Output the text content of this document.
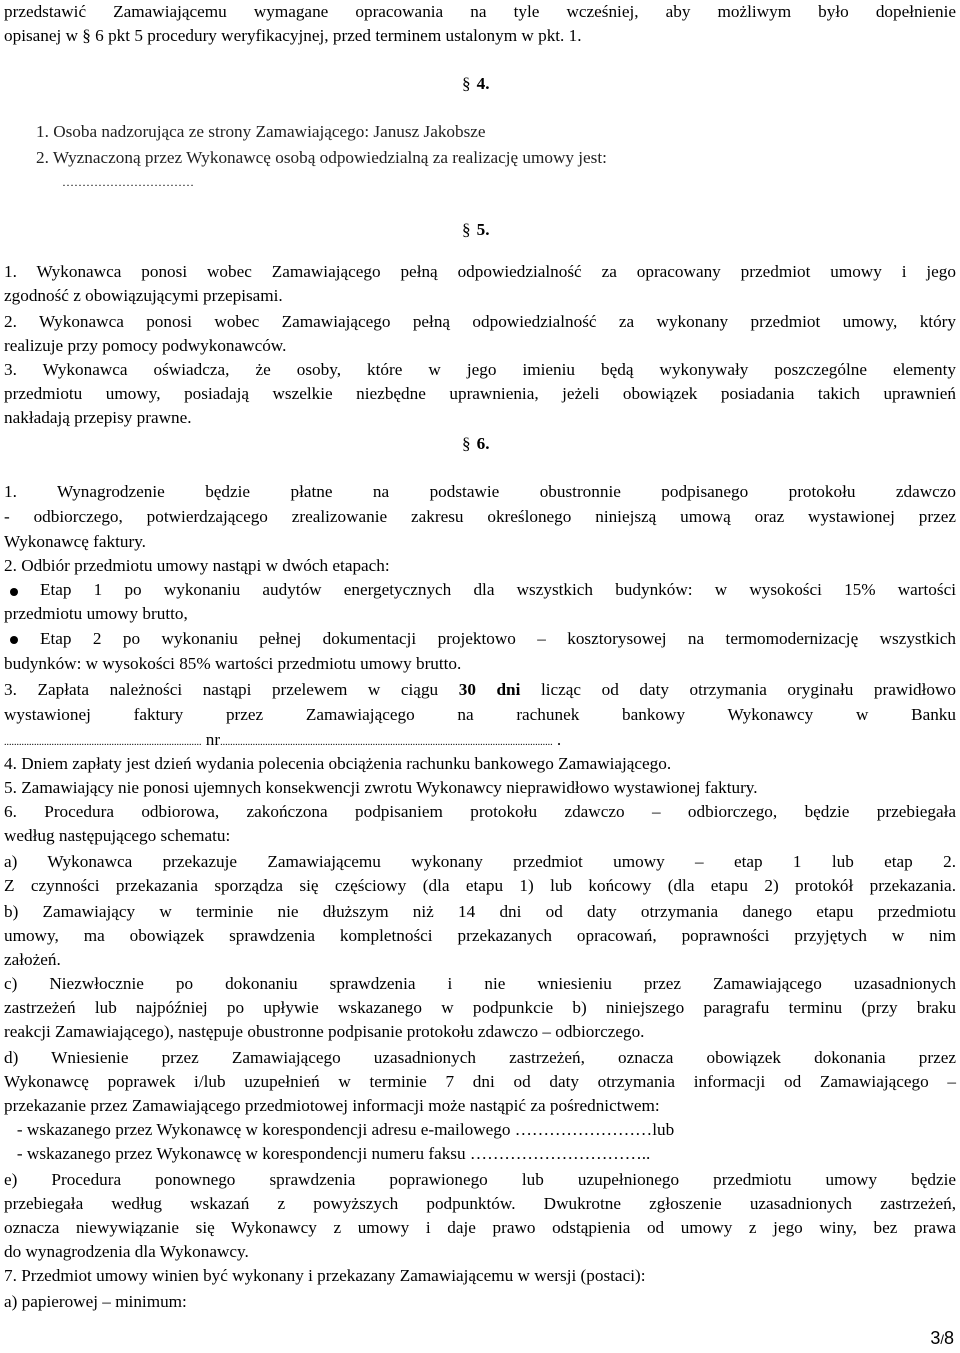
przedstawić Zamawiającemu wymagane opracowania na tyle wcześniej, aby możliwym było dopełnienie
opisanej w § 6 pkt 5 procedury weryfikacyjnej, przed terminem ustalonym w pkt. 1.
§ 4.
1. Osoba nadzorująca ze strony Zamawiającego: Janusz Jakobsze
2. Wyznaczoną przez Wykonawcę osobą odpowiedzialną za realizację umowy jest:
……………………………
§ 5.
1. Wykonawca ponosi wobec Zamawiającego pełną odpowiedzialność za opracowany przedmiot umowy i jego
zgodność z obowiązującymi przepisami.
2. Wykonawca ponosi wobec Zamawiającego pełną odpowiedzialność za wykonany przedmiot umowy, który
realizuje przy pomocy podwykonawców.
3. Wykonawca oświadcza, że osoby, które w jego imieniu będą wykonywały poszczególne elementy
przedmiotu umowy, posiadają wszelkie niezbędne uprawnienia, jeżeli obowiązek posiadania takich uprawnień
nakładają przepisy prawne.
§ 6.
1. Wynagrodzenie będzie płatne na podstawie obustronnie podpisanego protokołu zdawczo
- odbiorczego, potwierdzającego zrealizowanie zakresu określonego niniejszą umową oraz wystawionej przez
Wykonawcę faktury.
2. Odbiór przedmiotu umowy nastąpi w dwóch etapach:
Etap 1 po wykonaniu audytów energetycznych dla wszystkich budynków: w wysokości 15% wartości
przedmiotu umowy brutto,
Etap 2 po wykonaniu pełnej dokumentacji projektowo – kosztorysowej na termomodernizację wszystkich
budynków: w wysokości 85% wartości przedmiotu umowy brutto.
3. Zapłata należności nastąpi przelewem w ciągu 30 dni licząc od daty otrzymania oryginału prawidłowo
wystawionej faktury przez Zamawiającego na rachunek bankowy Wykonawcy w Banku
............................................................................... nr..................................................................................................................................... .
4. Dniem zapłaty jest dzień wydania polecenia obciążenia rachunku bankowego Zamawiającego.
5. Zamawiający nie ponosi ujemnych konsekwencji zwrotu Wykonawcy nieprawidłowo wystawionej faktury.
6. Procedura odbiorowa, zakończona podpisaniem protokołu zdawczo – odbiorczego, będzie przebiegała
według następującego schematu:
a) Wykonawca przekazuje Zamawiającemu wykonany przedmiot umowy – etap 1 lub etap 2.
Z czynności przekazania sporządza się częściowy (dla etapu 1) lub końcowy (dla etapu 2) protokół przekazania.
b) Zamawiający w terminie nie dłuższym niż 14 dni od daty otrzymania danego etapu przedmiotu
umowy, ma obowiązek sprawdzenia kompletności przekazanych opracowań, poprawności przyjętych w nim
założeń.
c) Niezwłocznie po dokonaniu sprawdzenia i nie wniesieniu przez Zamawiającego uzasadnionych
zastrzeżeń lub najpóźniej po upływie wskazanego w podpunkcie b) niniejszego paragrafu terminu (przy braku
reakcji Zamawiającego), następuje obustronne podpisanie protokołu zdawczo – odbiorczego.
d) Wniesienie przez Zamawiającego uzasadnionych zastrzeżeń, oznacza obowiązek dokonania przez
Wykonawcę poprawek i/lub uzupełnień w terminie 7 dni od daty otrzymania informacji od Zamawiającego –
przekazanie przez Zamawiającego przedmiotowej informacji może nastąpić za pośrednictwem:
- wskazanego przez Wykonawcę w korespondencji adresu e-mailowego ……………………lub
- wskazanego przez Wykonawcę w korespondencji numeru faksu …………………………..
e) Procedura ponownego sprawdzenia poprawionego lub uzupełnionego przedmiotu umowy będzie
przebiegała według wskazań z powyższych podpunktów. Dwukrotne zgłoszenie uzasadnionych zastrzeżeń,
oznacza niewywiązanie się Wykonawcy z umowy i daje prawo odstąpienia od umowy z jego winy, bez prawa
do wynagrodzenia dla Wykonawcy.
7. Przedmiot umowy winien być wykonany i przekazany Zamawiającemu w wersji (postaci):
a) papierowej – minimum:
3/8
